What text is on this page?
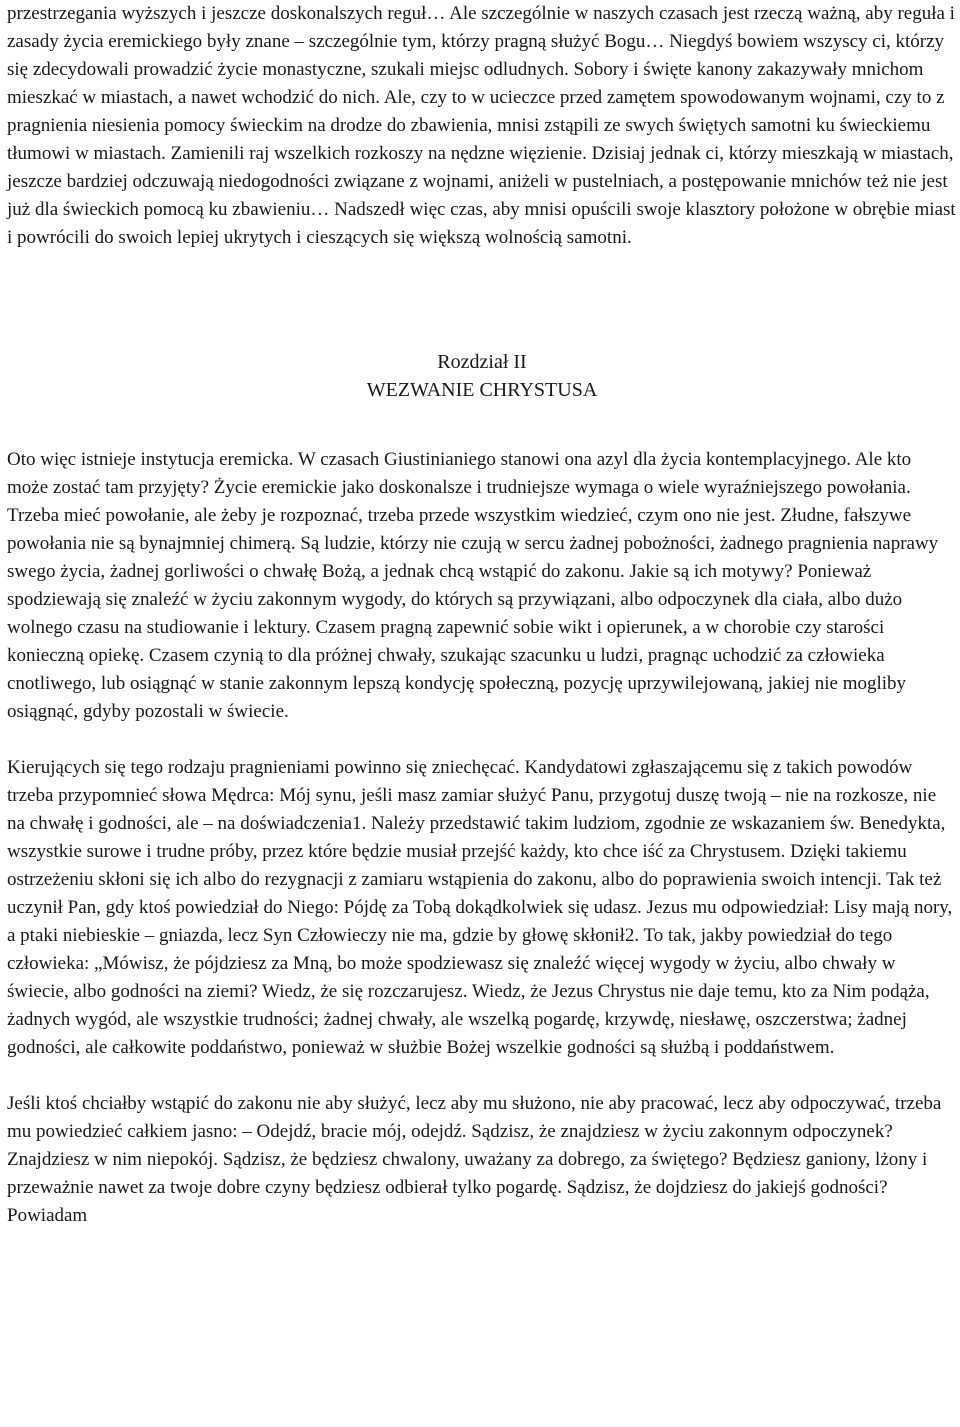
przestrzegania wyższych i jeszcze doskonalszych reguł… Ale szczególnie w naszych czasach jest rzeczą ważną, aby reguła i zasady życia eremickiego były znane – szczególnie tym, którzy pragną służyć Bogu… Niegdyś bowiem wszyscy ci, którzy się zdecydowali prowadzić życie monastyczne, szukali miejsc odludnych. Sobory i święte kanony zakazywały mnichom mieszkać w miastach, a nawet wchodzić do nich. Ale, czy to w ucieczce przed zamętem spowodowanym wojnami, czy to z pragnienia niesienia pomocy świeckim na drodze do zbawienia, mnisi zstąpili ze swych świętych samotni ku świeckiemu tłumowi w miastach. Zamienili raj wszelkich rozkoszy na nędzne więzienie. Dzisiaj jednak ci, którzy mieszkają w miastach, jeszcze bardziej odczuwają niedogodności związane z wojnami, aniżeli w pustelniach, a postępowanie mnichów też nie jest już dla świeckich pomocą ku zbawieniu… Nadszedł więc czas, aby mnisi opuścili swoje klasztory położone w obrębie miast i powrócili do swoich lepiej ukrytych i cieszących się większą wolnością samotni.

Rozdział II
WEZWANIE CHRYSTUSA

Oto więc istnieje instytucja eremicka. W czasach Giustinianiego stanowi ona azyl dla życia kontemplacyjnego. Ale kto może zostać tam przyjęty? Życie eremickie jako doskonalsze i trudniejsze wymaga o wiele wyraźniejszego powołania. Trzeba mieć powołanie, ale żeby je rozpoznać, trzeba przede wszystkim wiedzieć, czym ono nie jest. Złudne, fałszywe powołania nie są bynajmniej chimerą. Są ludzie, którzy nie czują w sercu żadnej pobożności, żadnego pragnienia naprawy swego życia, żadnej gorliwości o chwałę Bożą, a jednak chcą wstąpić do zakonu. Jakie są ich motywy? Ponieważ spodziewają się znaleźć w życiu zakonnym wygody, do których są przywiązani, albo odpoczynek dla ciała, albo dużo wolnego czasu na studiowanie i lektury. Czasem pragną zapewnić sobie wikt i opierunek, a w chorobie czy starości konieczną opiekę. Czasem czynią to dla próżnej chwały, szukając szacunku u ludzi, pragnąc uchodzić za człowieka cnotliwego, lub osiągnąć w stanie zakonnym lepszą kondycję społeczną, pozycję uprzywilejowaną, jakiej nie mogliby osiągnąć, gdyby pozostali w świecie.

Kierujących się tego rodzaju pragnieniami powinno się zniechęcać. Kandydatowi zgłaszającemu się z takich powodów trzeba przypomnieć słowa Mędrca: Mój synu, jeśli masz zamiar służyć Panu, przygotuj duszę twoją – nie na rozkosze, nie na chwałę i godności, ale – na doświadczenia1. Należy przedstawić takim ludziom, zgodnie ze wskazaniem św. Benedykta, wszystkie surowe i trudne próby, przez które będzie musiał przejść każdy, kto chce iść za Chrystusem. Dzięki takiemu ostrzeżeniu skłoni się ich albo do rezygnacji z zamiaru wstąpienia do zakonu, albo do poprawienia swoich intencji. Tak też uczynił Pan, gdy ktoś powiedział do Niego: Pójdę za Tobą dokądkolwiek się udasz. Jezus mu odpowiedział: Lisy mają nory, a ptaki niebieskie – gniazda, lecz Syn Człowieczy nie ma, gdzie by głowę skłonił2. To tak, jakby powiedział do tego człowieka: „Mówisz, że pójdziesz za Mną, bo może spodziewasz się znaleźć więcej wygody w życiu, albo chwały w świecie, albo godności na ziemi? Wiedz, że się rozczarujesz. Wiedz, że Jezus Chrystus nie daje temu, kto za Nim podąża, żadnych wygód, ale wszystkie trudności; żadnej chwały, ale wszelką pogardę, krzywdę, niesławę, oszczerstwa; żadnej godności, ale całkowite poddaństwo, ponieważ w służbie Bożej wszelkie godności są służbą i poddaństwem.

Jeśli ktoś chciałby wstąpić do zakonu nie aby służyć, lecz aby mu służono, nie aby pracować, lecz aby odpoczywać, trzeba mu powiedzieć całkiem jasno: – Odejdź, bracie mój, odejdź. Sądzisz, że znajdziesz w życiu zakonnym odpoczynek? Znajdziesz w nim niepokój. Sądzisz, że będziesz chwalony, uważany za dobrego, za świętego? Będziesz ganiony, lżony i przeważnie nawet za twoje dobre czyny będziesz odbierał tylko pogardę. Sądzisz, że dojdziesz do jakiejś godności? Powiadam
